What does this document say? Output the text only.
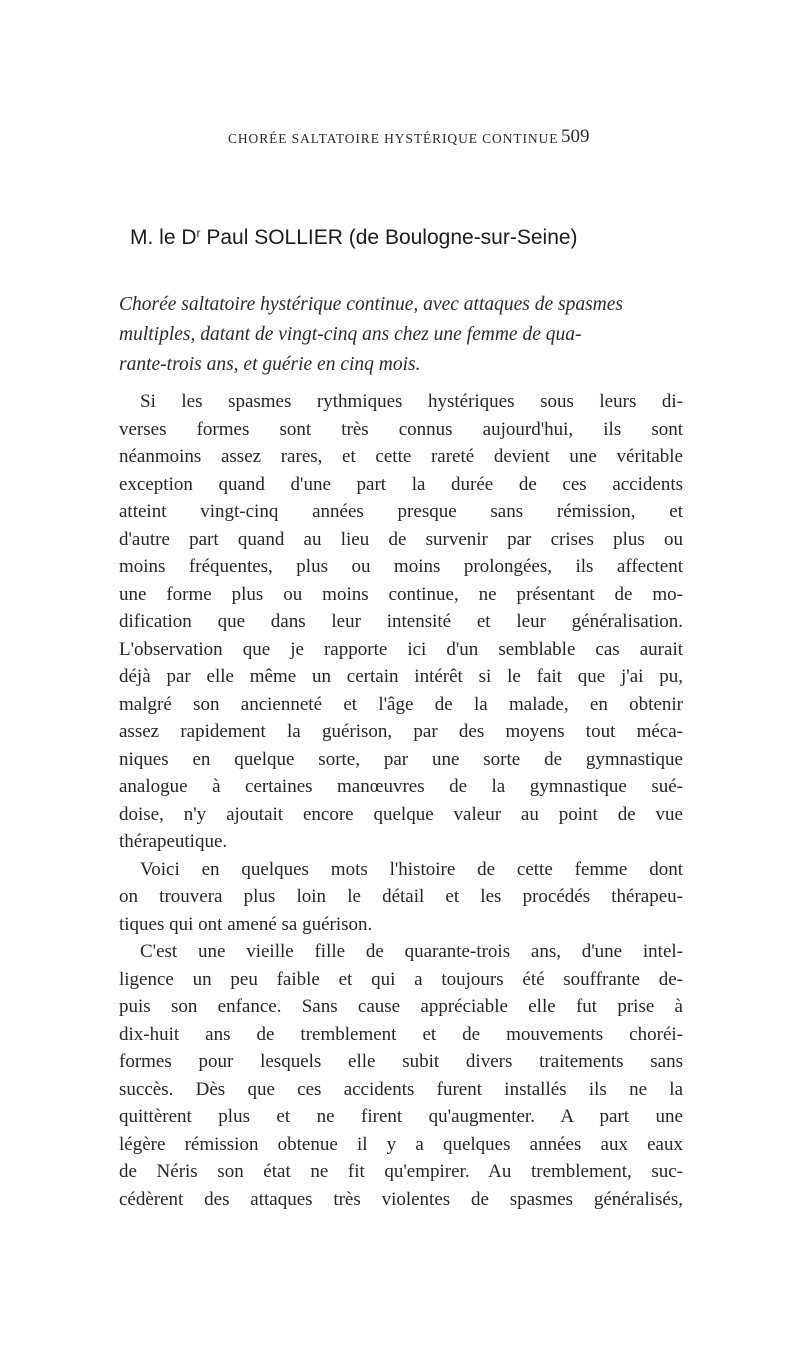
CHORÉE SALTATOIRE HYSTÉRIQUE CONTINUE 509
M. le $D^r$ Paul SOLLIER (de Boulogne-sur-Seine)
Chorée saltatoire hystérique continue, avec attaques de spasmes
multiples, datant de vingt-cinq ans chez une femme de qua-
rante-trois ans, et guérie en cinq mois.
Si les spasmes rythmiques hystériques sous leurs di-
verses formes sont très connus aujourd'hui, ils sont
néanmoins assez rares, et cette rareté devient une véritable
exception quand d'une part la durée de ces accidents
atteint vingt-cinq années presque sans rémission, et
d'autre part quand au lieu de survenir par crises plus ou
moins fréquentes, plus ou moins prolongées, ils affectent
une forme plus ou moins continue, ne présentant de mo-
dification que dans leur intensité et leur généralisation.
L'observation que je rapporte ici d'un semblable cas aurait
déjà par elle même un certain intérêt si le fait que j'ai pu,
malgré son ancienneté et l'âge de la malade, en obtenir
assez rapidement la guérison, par des moyens tout méca-
niques en quelque sorte, par une sorte de gymnastique
analogue à certaines manœuvres de la gymnastique sué-
doise, n'y ajoutait encore quelque valeur au point de vue
thérapeutique.
Voici en quelques mots l'histoire de cette femme dont
on trouvera plus loin le détail et les procédés thérapeu-
tiques qui ont amené sa guérison.
C'est une vieille fille de quarante-trois ans, d'une intel-
ligence un peu faible et qui a toujours été souffrante de-
puis son enfance. Sans cause appréciable elle fut prise à
dix-huit ans de tremblement et de mouvements choréi-
formes pour lesquels elle subit divers traitements sans
succès. Dès que ces accidents furent installés ils ne la
quittèrent plus et ne firent qu'augmenter. A part une
légère rémission obtenue il y a quelques années aux eaux
de Néris son état ne fit qu'empirer. Au tremblement, suc-
cédèrent des attaques très violentes de spasmes généralisés,
